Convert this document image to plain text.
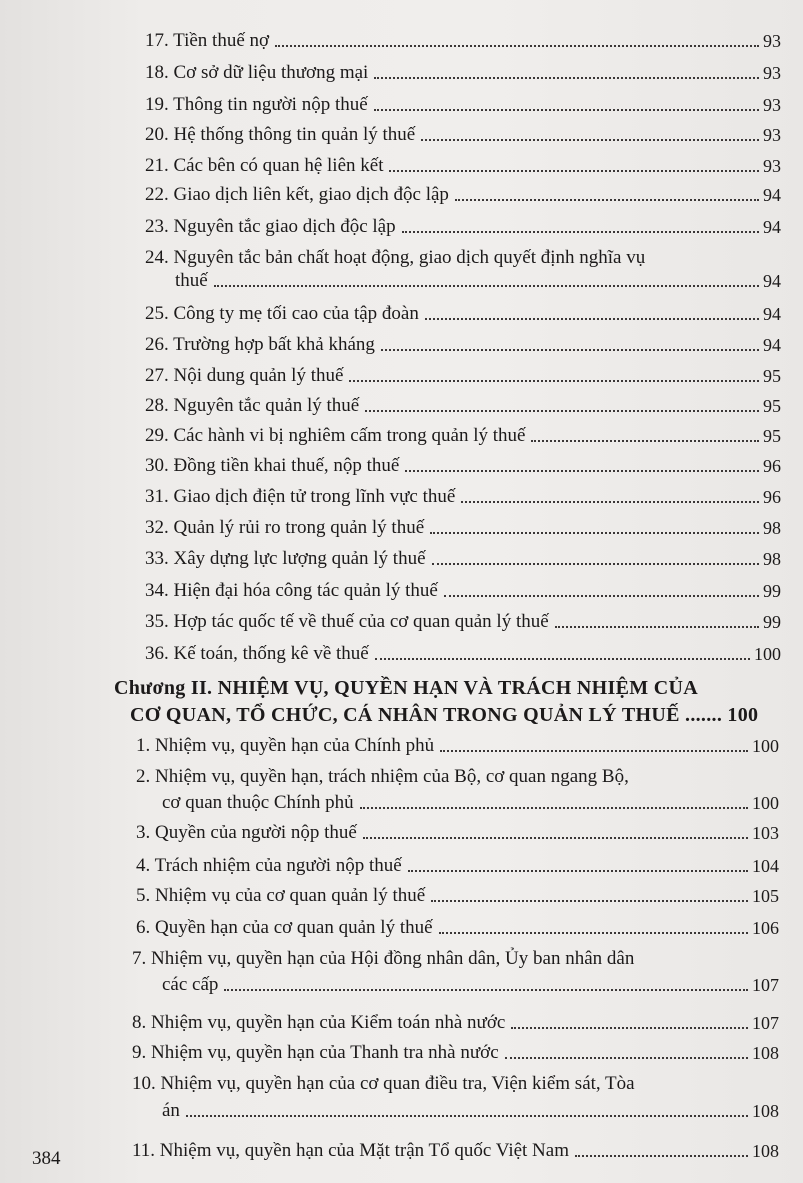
17. Tiền thuế nợ	93
18. Cơ sở dữ liệu thương mại	93
19. Thông tin người nộp thuế	93
20. Hệ thống thông tin quản lý thuế	93
21. Các bên có quan hệ liên kết	93
22. Giao dịch liên kết, giao dịch độc lập	94
23. Nguyên tắc giao dịch độc lập	94
24. Nguyên tắc bản chất hoạt động, giao dịch quyết định nghĩa vụ
thuế	94
25. Công ty mẹ tối cao của tập đoàn	94
26. Trường hợp bất khả kháng	94
27. Nội dung quản lý thuế	95
28. Nguyên tắc quản lý thuế	95
29. Các hành vi bị nghiêm cấm trong quản lý thuế	95
30. Đồng tiền khai thuế, nộp thuế	96
31. Giao dịch điện tử trong lĩnh vực thuế	96
32. Quản lý rủi ro trong quản lý thuế	98
33. Xây dựng lực lượng quản lý thuế	98
34. Hiện đại hóa công tác quản lý thuế	99
35. Hợp tác quốc tế về thuế của cơ quan quản lý thuế	99
36. Kế toán, thống kê về thuế	100
Chương II. NHIỆM VỤ, QUYỀN HẠN VÀ TRÁCH NHIỆM CỦA
CƠ QUAN, TỔ CHỨC, CÁ NHÂN TRONG QUẢN LÝ THUẾ ....... 100
1. Nhiệm vụ, quyền hạn của Chính phủ	100
2. Nhiệm vụ, quyền hạn, trách nhiệm của Bộ, cơ quan ngang Bộ,
cơ quan thuộc Chính phủ	100
3. Quyền của người nộp thuế	103
4. Trách nhiệm của người nộp thuế	104
5. Nhiệm vụ của cơ quan quản lý thuế	105
6. Quyền hạn của cơ quan quản lý thuế	106
7. Nhiệm vụ, quyền hạn của Hội đồng nhân dân, Ủy ban nhân dân
các cấp	107
8. Nhiệm vụ, quyền hạn của Kiểm toán nhà nước	107
9. Nhiệm vụ, quyền hạn của Thanh tra nhà nước	108
10. Nhiệm vụ, quyền hạn của cơ quan điều tra, Viện kiểm sát, Tòa
án	108
11. Nhiệm vụ, quyền hạn của Mặt trận Tổ quốc Việt Nam	108
384
